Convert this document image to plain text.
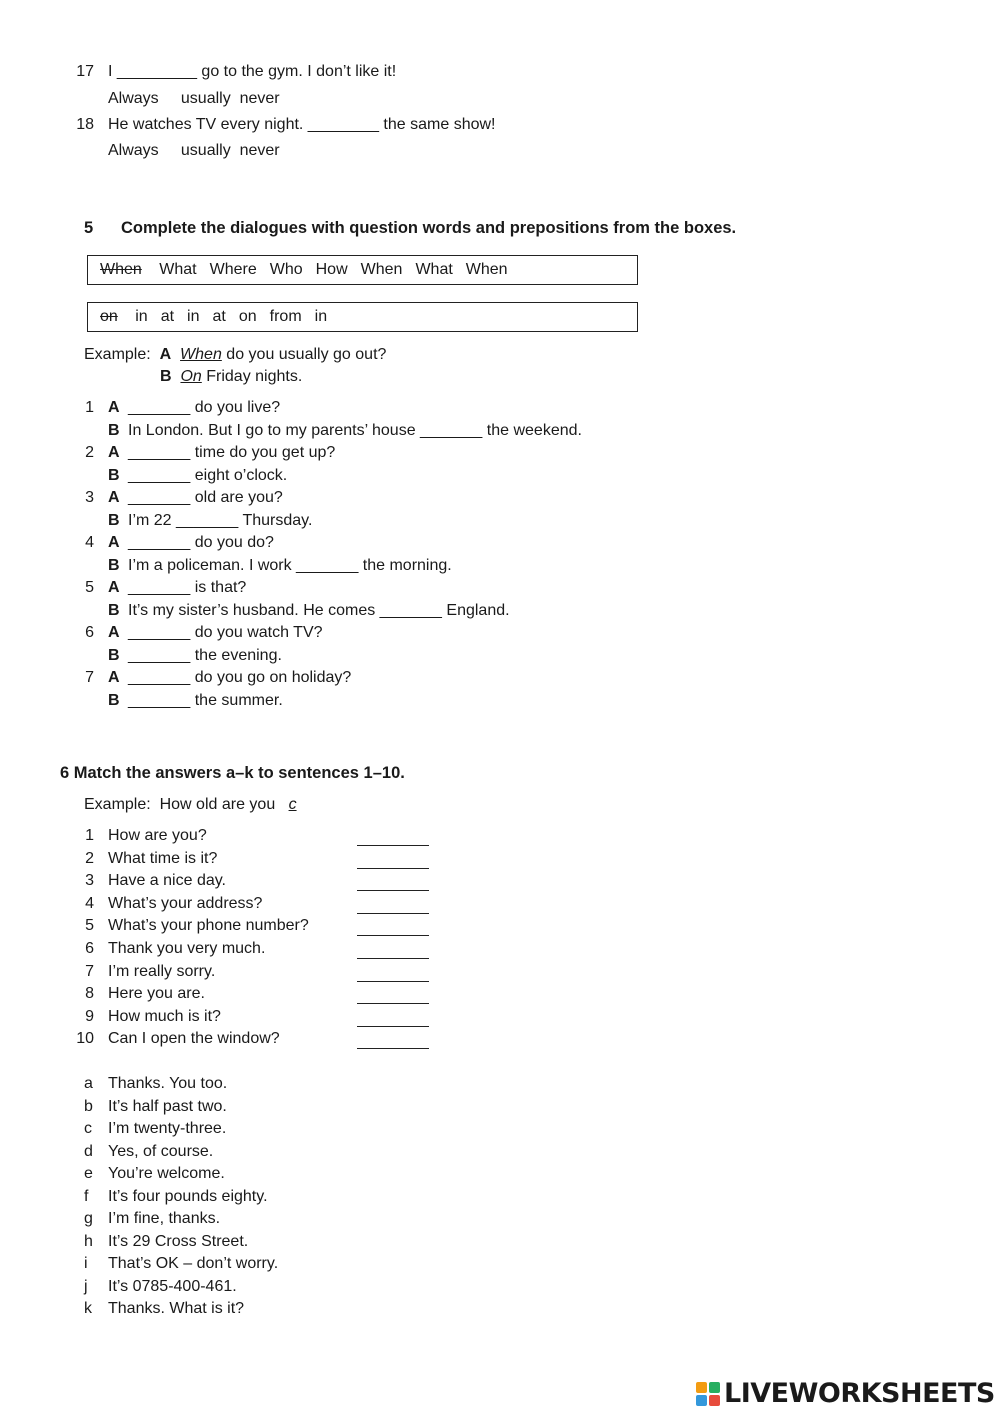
17 I _________ go to the gym. I don’t like it!
Always     usually  never
18 He watches TV every night. ________ the same show!
Always     usually  never
5 Complete the dialogues with question words and prepositions from the boxes.
When What Where Who How When What When
on in at in at on from in
Example: A When do you usually go out?
B On Friday nights.
1 A _______ do you live?
B In London. But I go to my parents’ house _______ the weekend.
2 A _______ time do you get up?
B _______ eight o’clock.
3 A _______ old are you?
B I’m 22 _______ Thursday.
4 A _______ do you do?
B I’m a policeman. I work _______ the morning.
5 A _______ is that?
B It’s my sister’s husband. He comes _______ England.
6 A _______ do you watch TV?
B _______ the evening.
7 A _______ do you go on holiday?
B _______ the summer.
6 Match the answers a–k to sentences 1–10.
Example: How old are you c
1 How are you?
2 What time is it?
3 Have a nice day.
4 What’s your address?
5 What’s your phone number?
6 Thank you very much.
7 I’m really sorry.
8 Here you are.
9 How much is it?
10 Can I open the window?
a Thanks. You too.
b It’s half past two.
c I’m twenty-three.
d Yes, of course.
e You’re welcome.
f It’s four pounds eighty.
g I’m fine, thanks.
h It’s 29 Cross Street.
i That’s OK – don’t worry.
j It’s 0785-400-461.
k Thanks. What is it?
LIVEWORKSHEETS
